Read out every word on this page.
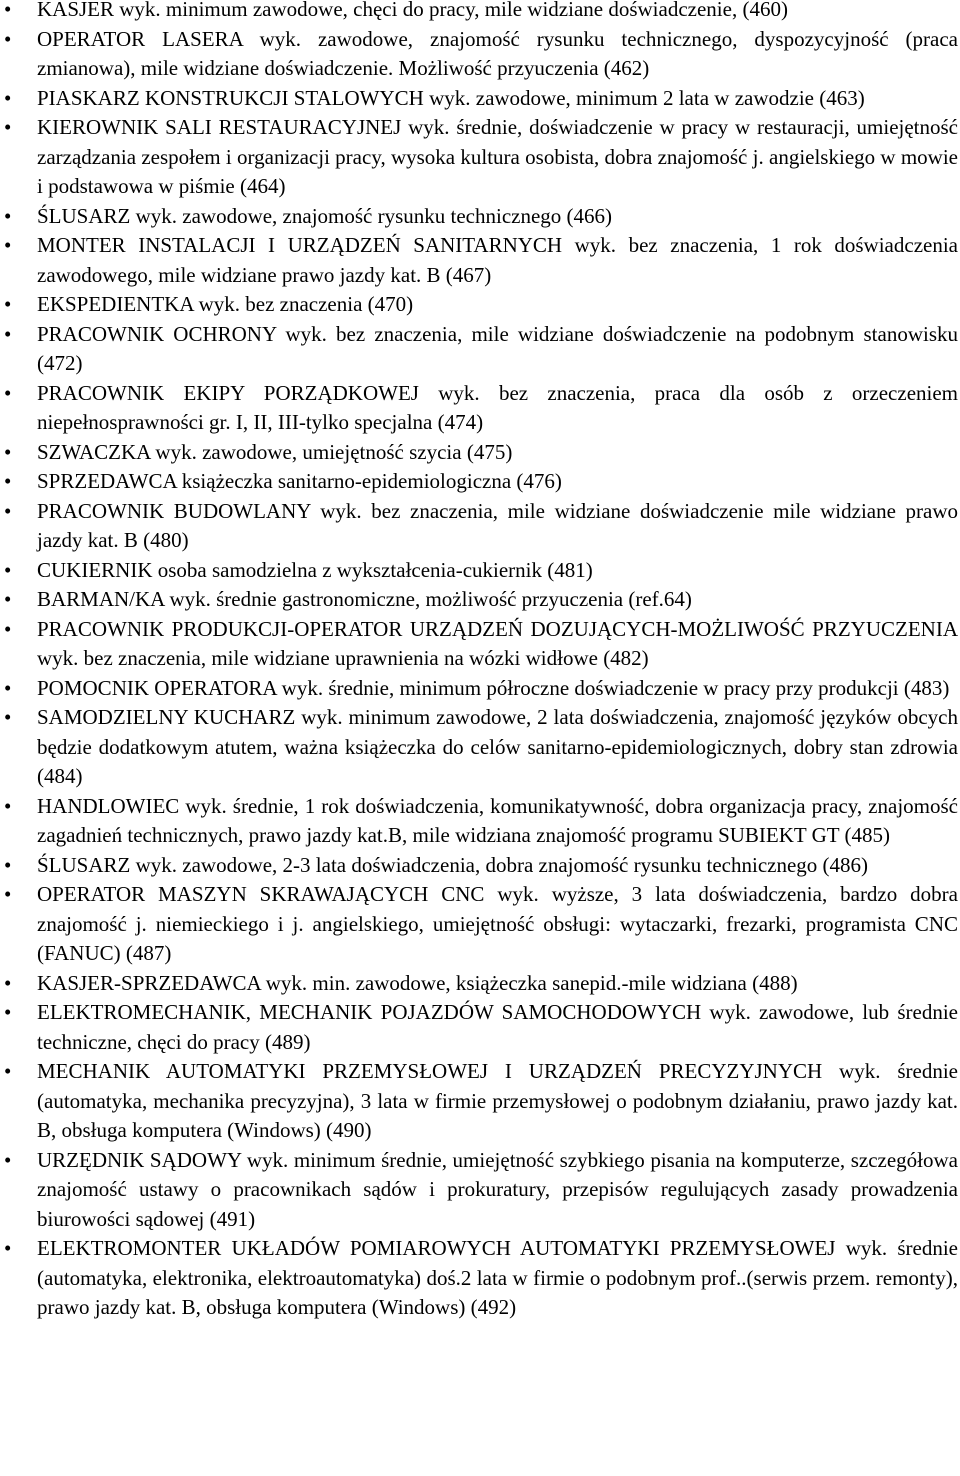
•	KASJER wyk. minimum zawodowe, chęci do pracy, mile widziane doświadczenie, (460)
•	OPERATOR LASERA wyk. zawodowe, znajomość rysunku technicznego, dyspozycyjność (praca zmianowa), mile widziane doświadczenie. Możliwość przyuczenia (462)
•	PIASKARZ KONSTRUKCJI STALOWYCH wyk. zawodowe, minimum 2 lata w zawodzie (463)
•	KIEROWNIK SALI RESTAURACYJNEJ wyk. średnie, doświadczenie w pracy w restauracji, umiejętność zarządzania zespołem i organizacji pracy, wysoka kultura osobista, dobra znajomość j. angielskiego w mowie i podstawowa w piśmie (464)
•	ŚLUSARZ wyk. zawodowe, znajomość rysunku technicznego (466)
•	MONTER INSTALACJI I URZĄDZEŃ SANITARNYCH wyk. bez znaczenia, 1 rok doświadczenia zawodowego, mile widziane prawo jazdy kat. B (467)
•	EKSPEDIENTKA wyk. bez znaczenia (470)
•	PRACOWNIK OCHRONY wyk. bez znaczenia, mile widziane doświadczenie na podobnym stanowisku (472)
•	PRACOWNIK EKIPY PORZĄDKOWEJ wyk. bez znaczenia, praca dla osób z orzeczeniem niepełnosprawności gr. I, II, III-tylko specjalna (474)
•	SZWACZKA wyk. zawodowe, umiejętność szycia (475)
•	SPRZEDAWCA książeczka sanitarno-epidemiologiczna (476)
•	PRACOWNIK BUDOWLANY wyk. bez znaczenia, mile widziane doświadczenie mile widziane prawo jazdy kat. B (480)
•	CUKIERNIK osoba samodzielna z wykształcenia-cukiernik (481)
•	BARMAN/KA wyk. średnie gastronomiczne, możliwość przyuczenia (ref.64)
•	PRACOWNIK PRODUKCJI-OPERATOR URZĄDZEŃ DOZUJĄCYCH-MOŻLIWOŚĆ PRZYUCZENIA wyk. bez znaczenia, mile widziane uprawnienia na wózki widłowe (482)
•	POMOCNIK OPERATORA wyk. średnie, minimum półroczne doświadczenie w pracy przy produkcji (483)
•	SAMODZIELNY KUCHARZ wyk. minimum zawodowe, 2 lata doświadczenia, znajomość języków obcych będzie dodatkowym atutem, ważna książeczka do celów sanitarno-epidemiologicznych, dobry stan zdrowia (484)
•	HANDLOWIEC wyk. średnie, 1 rok doświadczenia, komunikatywność, dobra organizacja pracy, znajomość zagadnień technicznych, prawo jazdy kat.B, mile widziana znajomość programu SUBIEKT GT (485)
•	ŚLUSARZ wyk. zawodowe, 2-3 lata doświadczenia, dobra znajomość rysunku technicznego (486)
•	OPERATOR MASZYN SKRAWAJĄCYCH CNC wyk. wyższe, 3 lata doświadczenia, bardzo dobra znajomość j. niemieckiego i j. angielskiego, umiejętność obsługi: wytaczarki, frezarki, programista CNC (FANUC) (487)
•	KASJER-SPRZEDAWCA wyk. min. zawodowe, książeczka sanepid.-mile widziana (488)
•	ELEKTROMECHANIK, MECHANIK POJAZDÓW SAMOCHODOWYCH wyk. zawodowe, lub średnie techniczne, chęci do pracy (489)
•	MECHANIK AUTOMATYKI PRZEMYSŁOWEJ I URZĄDZEŃ PRECYZYJNYCH wyk. średnie (automatyka, mechanika precyzyjna), 3 lata w firmie przemysłowej o podobnym działaniu, prawo jazdy kat. B, obsługa komputera (Windows) (490)
•	URZĘDNIK SĄDOWY wyk. minimum średnie, umiejętność szybkiego pisania na komputerze, szczegółowa znajomość ustawy o pracownikach sądów i prokuratury, przepisów regulujących zasady prowadzenia biurowości sądowej (491)
•	ELEKTROMONTER UKŁADÓW POMIAROWYCH AUTOMATYKI PRZEMYSŁOWEJ wyk. średnie (automatyka, elektronika, elektroautomatyka) doś.2 lata w firmie o podobnym prof..(serwis przem. remonty), prawo jazdy kat. B, obsługa komputera (Windows) (492)
